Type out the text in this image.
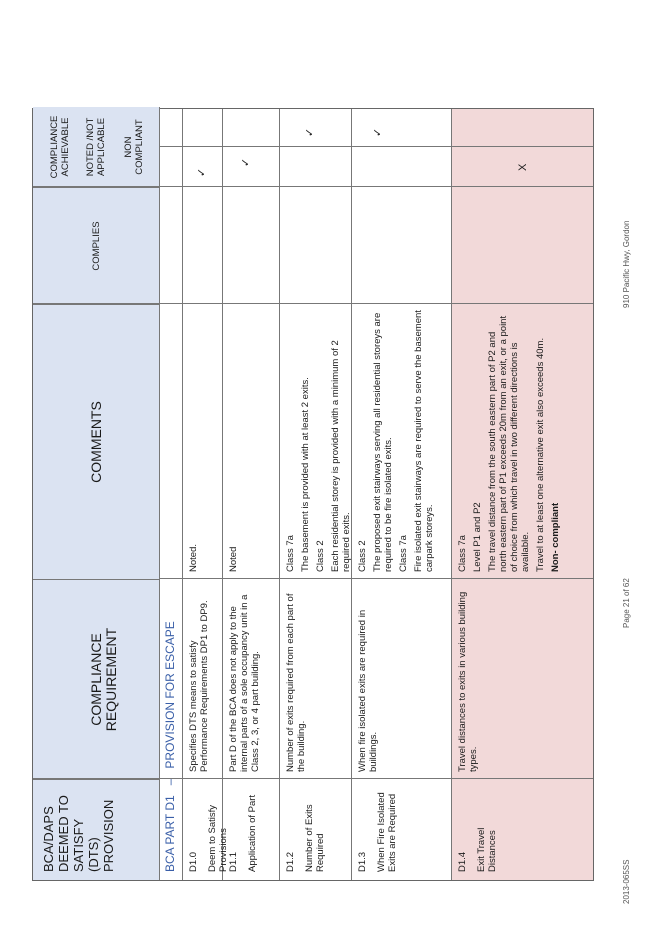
BCA/DAPS DEEMED TO SATISFY (DTS) PROVISION
COMPLIANCE REQUIREMENT
COMMENTS
COMPLIES
COMPLIANCE ACHIEVABLE NOTED /NOT APPLICABLE NON COMPLIANT
BCA PART D1   –   PROVISION FOR ESCAPE

D1.0 Deem to Satisfy Provisions

Specifies DTS means to satisfy Performance Requirements DP1 to DP9.

Noted.

✓

D1.1 Application of Part

Part D of the BCA does not apply to the internal parts of a sole occupancy unit in a Class 2, 3, or 4 part building.

Noted

✓

D1.2 Number of Exits Required

Number of exits required from each part of the building.

Class 7a The basement is provided with at least 2 exits. Class 2 Each residential storey is provided with a minimum of 2 required exits.

✓

D1.3 When Fire Isolated Exits are Required

When fire isolated exits are required in buildings.

Class 2 The proposed exit stairways serving all residential storeys are required to be fire isolated exits. Class 7a Fire isolated exit stairways are required to serve the basement carpark storeys.

✓

D1.4 Exit Travel Distances

Travel distances to exits in various building types.

Class 7a Level P1 and P2 The travel distance from the south eastern part of P2 and north eastern part of P1 exceeds 20m from an exit, or a point of choice from which travel in two different directions is available. Travel to at least one alternative exit also exceeds 40m. Non- compliant

X
2013-065SS
Page 21 of 62
910 Pacific Hwy, Gordon
